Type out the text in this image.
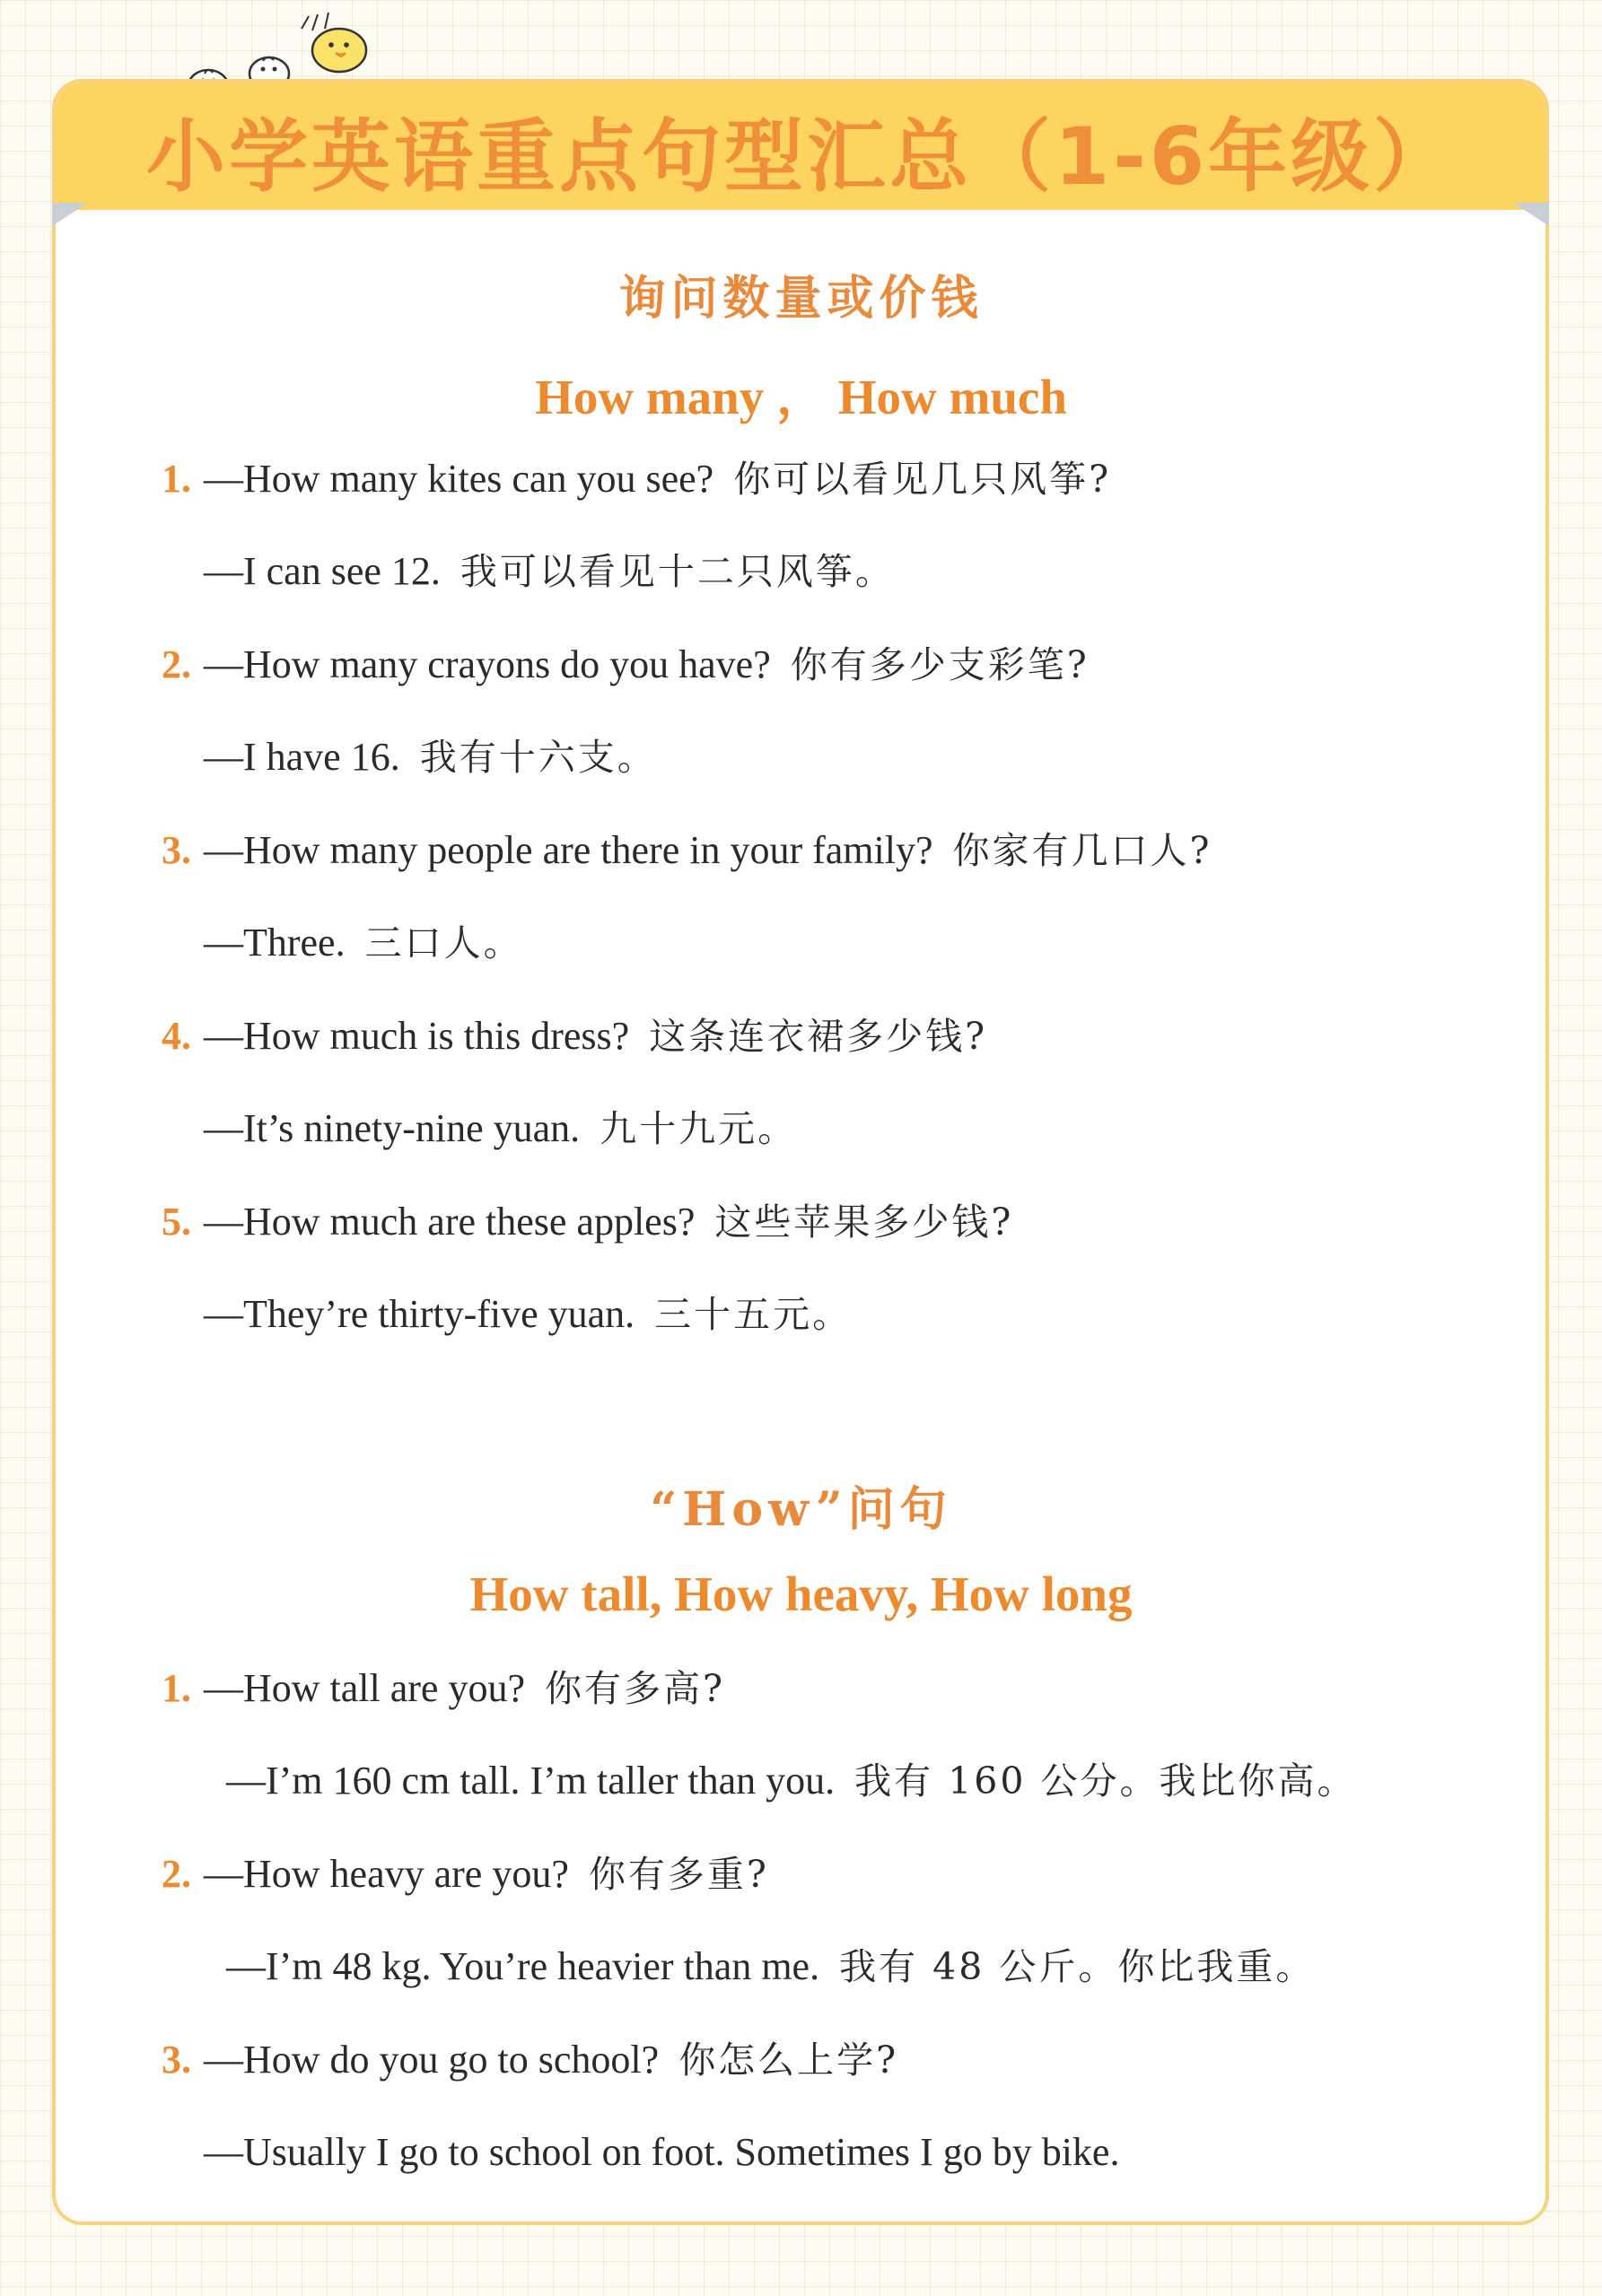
小学英语重点句型汇总（1-6年级）
询问数量或价钱
How many ， How much
1. —How many kites can you see? 你可以看见几只风筝?
—I can see 12. 我可以看见十二只风筝。
2. —How many crayons do you have? 你有多少支彩笔?
—I have 16. 我有十六支。
3. —How many people are there in your family? 你家有几口人?
—Three. 三口人。
4. —How much is this dress? 这条连衣裙多少钱?
—It’s ninety-nine yuan. 九十九元。
5. —How much are these apples? 这些苹果多少钱?
—They’re thirty-five yuan. 三十五元。
“How”问句
How tall, How heavy, How long
1. —How tall are you? 你有多高?
—I’m 160 cm tall. I’m taller than you. 我有 160 公分。我比你高。
2. —How heavy are you? 你有多重?
—I’m 48 kg. You’re heavier than me. 我有 48 公斤。你比我重。
3. —How do you go to school? 你怎么上学?
—Usually I go to school on foot. Sometimes I go by bike.
